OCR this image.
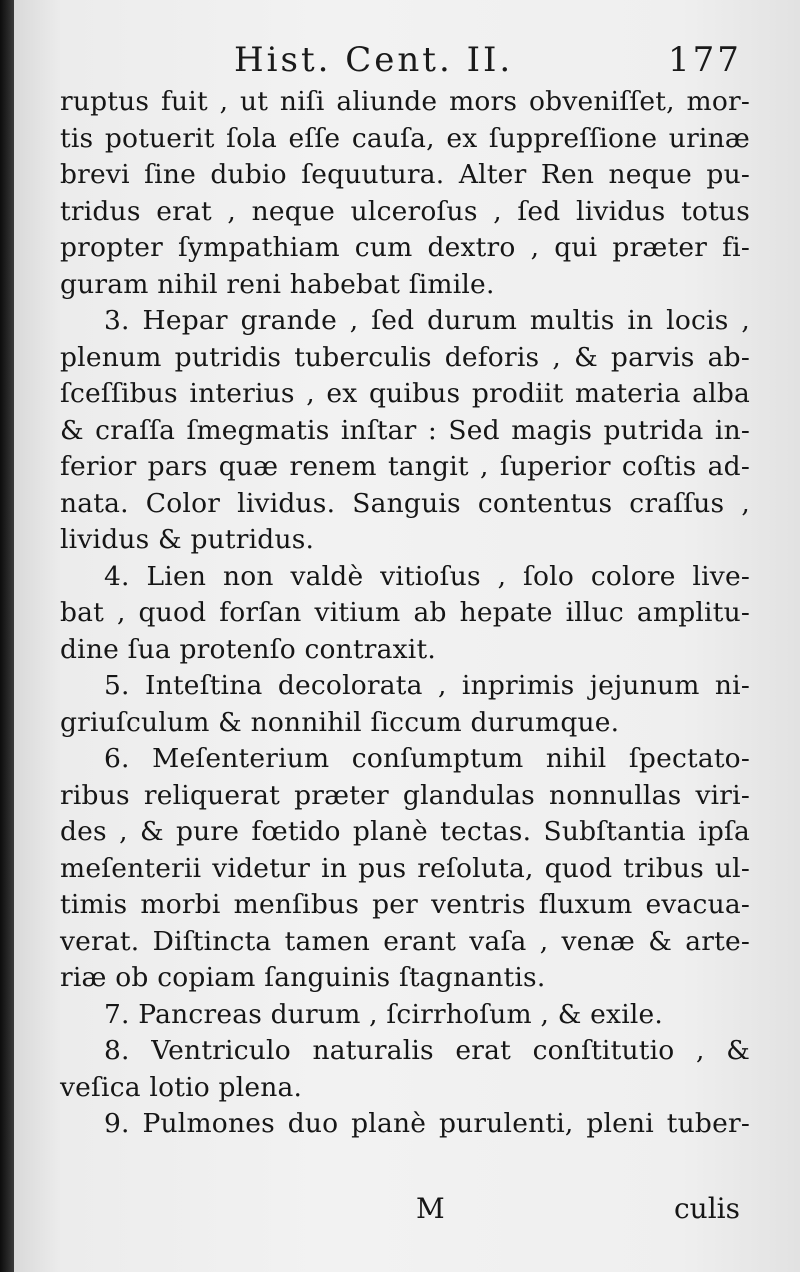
Hist. Cent. II.	177
ruptus fuit , ut niſi aliunde mors obveniſſet, mor-
tis potuerit ſola eſſe cauſa, ex ſuppreſſione urinæ
brevi ſine dubio ſequutura. Alter Ren neque pu-
tridus erat , neque ulceroſus , ſed lividus totus
propter ſympathiam cum dextro , qui præter fi-
guram nihil reni habebat ſimile.
3. Hepar grande , ſed durum multis in locis ,
plenum putridis tuberculis deforis , & parvis ab-
ſceſſibus interius , ex quibus prodiit materia alba
& craſſa ſmegmatis inſtar : Sed magis putrida in-
ferior pars quæ renem tangit , ſuperior coſtis ad-
nata. Color lividus. Sanguis contentus craſſus ,
lividus & putridus.
4. Lien non valdè vitioſus , ſolo colore live-
bat , quod forſan vitium ab hepate illuc amplitu-
dine ſua protenſo contraxit.
5. Inteſtina decolorata , inprimis jejunum ni-
griuſculum & nonnihil ſiccum durumque.
6. Meſenterium conſumptum nihil ſpectato-
ribus reliquerat præter glandulas nonnullas viri-
des , & pure fœtido planè tectas. Subſtantia ipſa
meſenterii videtur in pus reſoluta, quod tribus ul-
timis morbi menſibus per ventris fluxum evacua-
verat. Diſtincta tamen erant vaſa , venæ & arte-
riæ ob copiam ſanguinis ſtagnantis.
7. Pancreas durum , ſcirrhoſum , & exile.
8. Ventriculo naturalis erat conſtitutio , &
veſica lotio plena.
9. Pulmones duo planè purulenti, pleni tuber-
M	culis
